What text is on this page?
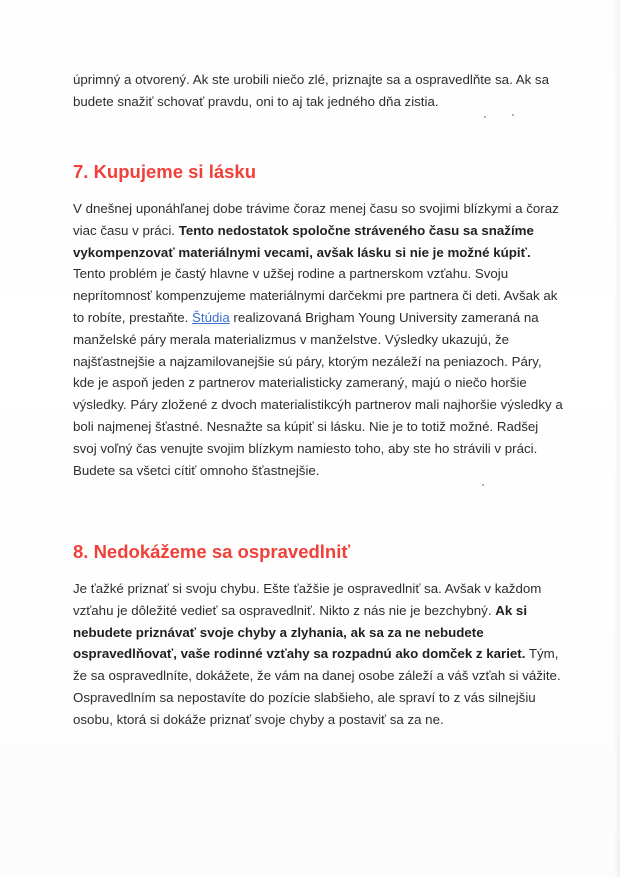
úprimný a otvorený. Ak ste urobili niečo zlé, priznajte sa a ospravedlňte sa. Ak sa budete snažiť schovať pravdu, oni to aj tak jedného dňa zistia.

7. Kupujeme si lásku

V dnešnej uponáhľanej dobe trávime čoraz menej času so svojimi blízkymi a čoraz viac času v práci. Tento nedostatok spoločne stráveného času sa snažíme vykompenzovať materiálnymi vecami, avšak lásku si nie je možné kúpiť. Tento problém je častý hlavne v užšej rodine a partnerskom vzťahu. Svoju neprítomnosť kompenzujeme materiálnymi darčekmi pre partnera či deti. Avšak ak to robíte, prestaňte. Štúdia realizovaná Brigham Young University zameraná na manželské páry merala materializmus v manželstve. Výsledky ukazujú, že najšťastnejšie a najzamilovanejšie sú páry, ktorým nezáleží na peniazoch. Páry, kde je aspoň jeden z partnerov materialisticky zameraný, majú o niečo horšie výsledky. Páry zložené z dvoch materialistikcýh partnerov mali najhoršie výsledky a boli najmenej šťastné. Nesnažte sa kúpiť si lásku. Nie je to totiž možné. Radšej svoj voľný čas venujte svojim blízkym namiesto toho, aby ste ho strávili v práci. Budete sa všetci cítiť omnoho šťastnejšie.

8. Nedokážeme sa ospravedlniť

Je ťažké priznať si svoju chybu. Ešte ťažšie je ospravedlniť sa. Avšak v každom vzťahu je dôležité vedieť sa ospravedlniť. Nikto z nás nie je bezchybný. Ak si nebudete priznávať svoje chyby a zlyhania, ak sa za ne nebudete ospravedlňovať, vaše rodinné vzťahy sa rozpadnú ako domček z kariet. Tým, že sa ospravedlníte, dokážete, že vám na danej osobe záleží a váš vzťah si vážite. Ospravedlním sa nepostavíte do pozície slabšieho, ale spraví to z vás silnejšiu osobu, ktorá si dokáže priznať svoje chyby a postaviť sa za ne.
